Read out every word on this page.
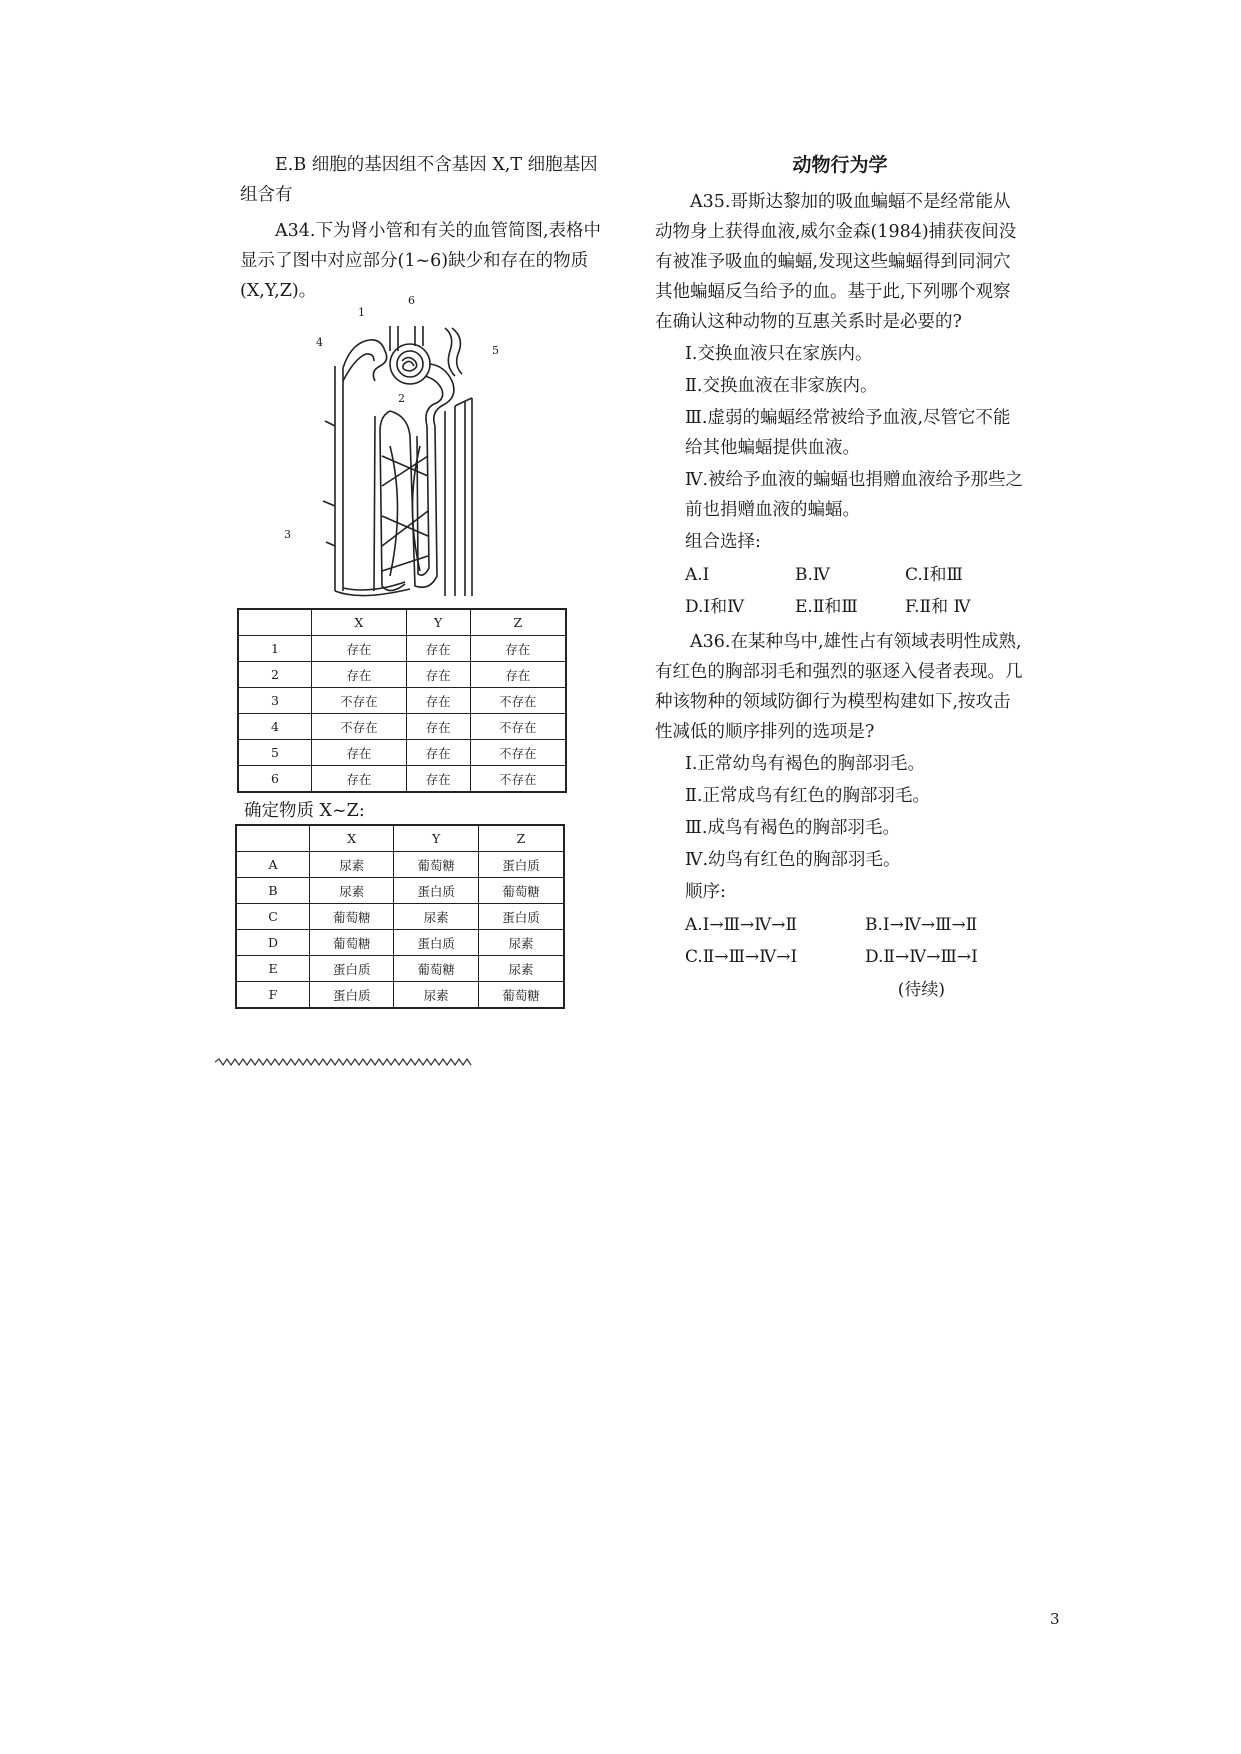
E.B 细胞的基因组不含基因 X,T 细胞基因组含有

A34.下为肾小管和有关的血管简图,表格中显示了图中对应部分(1~6)缺少和存在的物质(X,Y,Z)。

1
2
3
4
5
6
	X	Y	Z
1	存在	存在	存在
2	存在	存在	存在
3	不存在	存在	不存在
4	不存在	存在	不存在
5	存在	存在	不存在
6	存在	存在	不存在
确定物质 X~Z:
	X	Y	Z
A	尿素	葡萄糖	蛋白质
B	尿素	蛋白质	葡萄糖
C	葡萄糖	尿素	蛋白质
D	葡萄糖	蛋白质	尿素
E	蛋白质	葡萄糖	尿素
F	蛋白质	尿素	葡萄糖
动物行为学

A35.哥斯达黎加的吸血蝙蝠不是经常能从动物身上获得血液,威尔金森(1984)捕获夜间没有被准予吸血的蝙蝠,发现这些蝙蝠得到同洞穴其他蝙蝠反刍给予的血。基于此,下列哪个观察在确认这种动物的互惠关系时是必要的?

Ⅰ.交换血液只在家族内。
Ⅱ.交换血液在非家族内。
Ⅲ.虚弱的蝙蝠经常被给予血液,尽管它不能给其他蝙蝠提供血液。
Ⅳ.被给予血液的蝙蝠也捐赠血液给予那些之前也捐赠血液的蝙蝠。
组合选择:
A.Ⅰ	B.Ⅳ	C.Ⅰ和Ⅲ
D.Ⅰ和Ⅳ	E.Ⅱ和Ⅲ	F.Ⅱ和 Ⅳ

A36.在某种鸟中,雄性占有领域表明性成熟,有红色的胸部羽毛和强烈的驱逐入侵者表现。几种该物种的领域防御行为模型构建如下,按攻击性减低的顺序排列的选项是?

Ⅰ.正常幼鸟有褐色的胸部羽毛。
Ⅱ.正常成鸟有红色的胸部羽毛。
Ⅲ.成鸟有褐色的胸部羽毛。
Ⅳ.幼鸟有红色的胸部羽毛。
顺序:
A.Ⅰ→Ⅲ→Ⅳ→Ⅱ	B.Ⅰ→Ⅳ→Ⅲ→Ⅱ
C.Ⅱ→Ⅲ→Ⅳ→Ⅰ	D.Ⅱ→Ⅳ→Ⅲ→Ⅰ
(待续)
3
